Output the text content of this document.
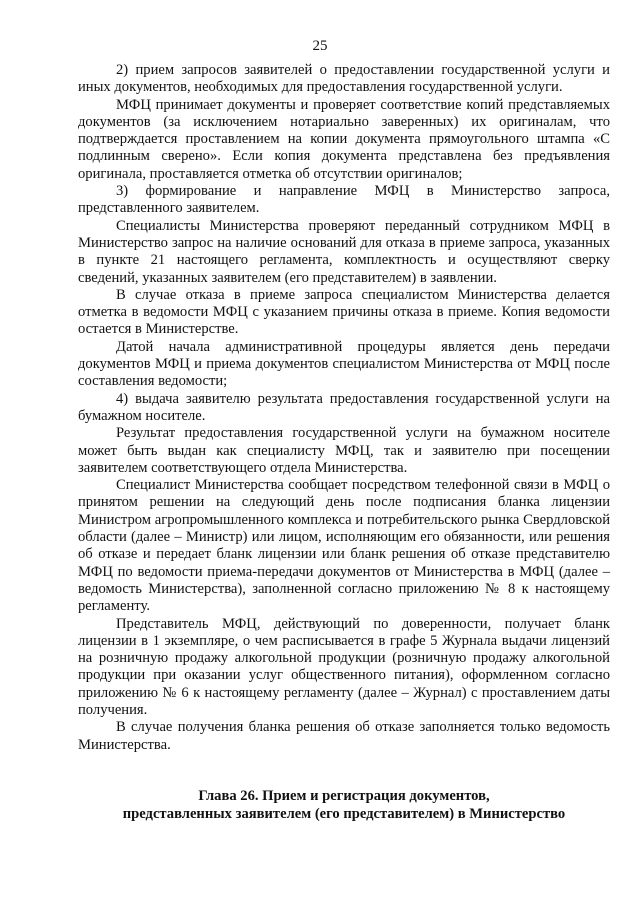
25

2) прием запросов заявителей о предоставлении государственной услуги и иных документов, необходимых для предоставления государственной услуги.

МФЦ принимает документы и проверяет соответствие копий представляемых документов (за исключением нотариально заверенных) их оригиналам, что подтверждается проставлением на копии документа прямоугольного штампа «С подлинным сверено». Если копия документа представлена без предъявления оригинала, проставляется отметка об отсутствии оригиналов;

3) формирование и направление МФЦ в Министерство запроса, представленного заявителем.

Специалисты Министерства проверяют переданный сотрудником МФЦ в Министерство запрос на наличие оснований для отказа в приеме запроса, указанных в пункте 21 настоящего регламента, комплектность и осуществляют сверку сведений, указанных заявителем (его представителем) в заявлении.

В случае отказа в приеме запроса специалистом Министерства делается отметка в ведомости МФЦ с указанием причины отказа в приеме. Копия ведомости остается в Министерстве.

Датой начала административной процедуры является день передачи документов МФЦ и приема документов специалистом Министерства от МФЦ после составления ведомости;

4) выдача заявителю результата предоставления государственной услуги на бумажном носителе.

Результат предоставления государственной услуги на бумажном носителе может быть выдан как специалисту МФЦ, так и заявителю при посещении заявителем соответствующего отдела Министерства.

Специалист Министерства сообщает посредством телефонной связи в МФЦ о принятом решении на следующий день после подписания бланка лицензии Министром агропромышленного комплекса и потребительского рынка Свердловской области (далее – Министр) или лицом, исполняющим его обязанности, или решения об отказе и передает бланк лицензии или бланк решения об отказе представителю МФЦ по ведомости приема-передачи документов от Министерства в МФЦ (далее – ведомость Министерства), заполненной согласно приложению № 8 к настоящему регламенту.

Представитель МФЦ, действующий по доверенности, получает бланк лицензии в 1 экземпляре, о чем расписывается в графе 5 Журнала выдачи лицензий на розничную продажу алкогольной продукции (розничную продажу алкогольной продукции при оказании услуг общественного питания), оформленном согласно приложению № 6 к настоящему регламенту (далее – Журнал) с проставлением даты получения.

В случае получения бланка решения об отказе заполняется только ведомость Министерства.

Глава 26. Прием и регистрация документов,
представленных заявителем (его представителем) в Министерство
